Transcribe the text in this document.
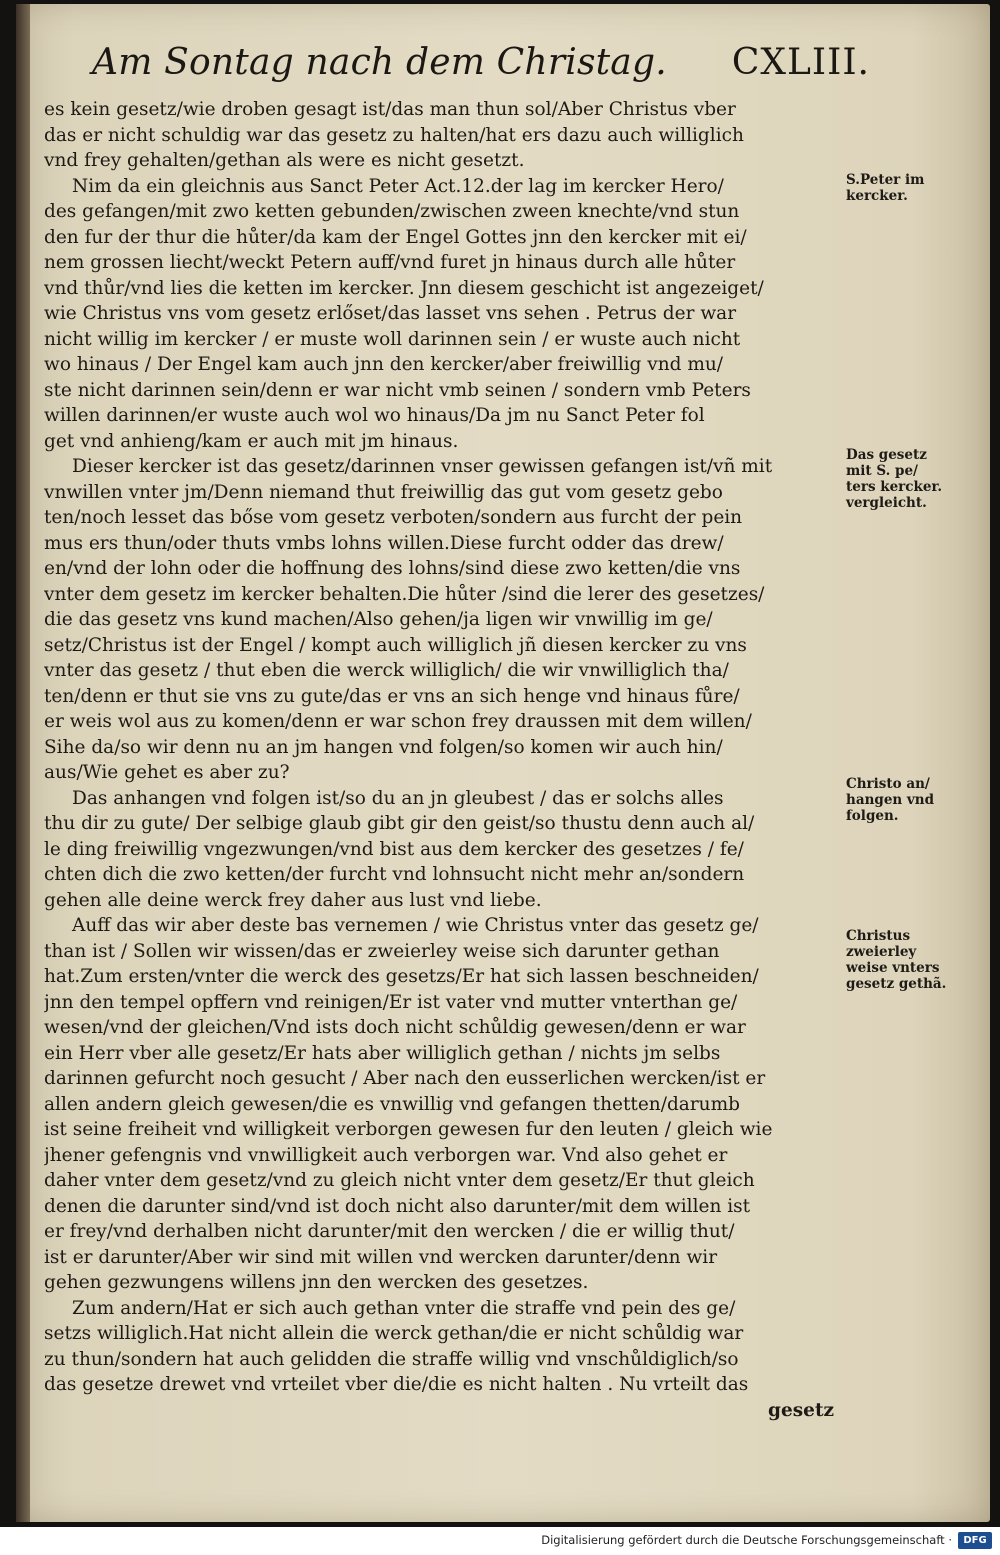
Am Sontag nach dem Christag. CXLIII.
es kein gesetz/wie droben gesagt ist/das man thun sol/Aber Christus vber
das er nicht schuldig war das gesetz zu halten/hat ers dazu auch williglich
vnd frey gehalten/gethan als were es nicht gesetzt.
Nim da ein gleichnis aus Sanct Peter Act.12.der lag im kercker Hero/
des gefangen/mit zwo ketten gebunden/zwischen zween knechte/vnd stun
den fur der thur die hůter/da kam der Engel Gottes jnn den kercker mit ei/
nem grossen liecht/weckt Petern auff/vnd furet jn hinaus durch alle hůter
vnd thůr/vnd lies die ketten im kercker. Jnn diesem geschicht ist angezeiget/
wie Christus vns vom gesetz erlőset/das lasset vns sehen . Petrus der war
nicht willig im kercker / er muste woll darinnen sein / er wuste auch nicht
wo hinaus / Der Engel kam auch jnn den kercker/aber freiwillig vnd mu/
ste nicht darinnen sein/denn er war nicht vmb seinen / sondern vmb Peters
willen darinnen/er wuste auch wol wo hinaus/Da jm nu Sanct Peter fol
get vnd anhieng/kam er auch mit jm hinaus.
Dieser kercker ist das gesetz/darinnen vnser gewissen gefangen ist/vñ mit
vnwillen vnter jm/Denn niemand thut freiwillig das gut vom gesetz gebo
ten/noch lesset das bőse vom gesetz verboten/sondern aus furcht der pein
mus ers thun/oder thuts vmbs lohns willen.Diese furcht odder das drew/
en/vnd der lohn oder die hoffnung des lohns/sind diese zwo ketten/die vns
vnter dem gesetz im kercker behalten.Die hůter /sind die lerer des gesetzes/
die das gesetz vns kund machen/Also gehen/ja ligen wir vnwillig im ge/
setz/Christus ist der Engel / kompt auch williglich jñ diesen kercker zu vns
vnter das gesetz / thut eben die werck williglich/ die wir vnwilliglich tha/
ten/denn er thut sie vns zu gute/das er vns an sich henge vnd hinaus fůre/
er weis wol aus zu komen/denn er war schon frey draussen mit dem willen/
Sihe da/so wir denn nu an jm hangen vnd folgen/so komen wir auch hin/
aus/Wie gehet es aber zu?
Das anhangen vnd folgen ist/so du an jn gleubest / das er solchs alles
thu dir zu gute/ Der selbige glaub gibt gir den geist/so thustu denn auch al/
le ding freiwillig vngezwungen/vnd bist aus dem kercker des gesetzes / fe/
chten dich die zwo ketten/der furcht vnd lohnsucht nicht mehr an/sondern
gehen alle deine werck frey daher aus lust vnd liebe.
Auff das wir aber deste bas vernemen / wie Christus vnter das gesetz ge/
than ist / Sollen wir wissen/das er zweierley weise sich darunter gethan
hat.Zum ersten/vnter die werck des gesetzs/Er hat sich lassen beschneiden/
jnn den tempel opffern vnd reinigen/Er ist vater vnd mutter vnterthan ge/
wesen/vnd der gleichen/Vnd ists doch nicht schůldig gewesen/denn er war
ein Herr vber alle gesetz/Er hats aber williglich gethan / nichts jm selbs
darinnen gefurcht noch gesucht / Aber nach den eusserlichen wercken/ist er
allen andern gleich gewesen/die es vnwillig vnd gefangen thetten/darumb
ist seine freiheit vnd willigkeit verborgen gewesen fur den leuten / gleich wie
jhener gefengnis vnd vnwilligkeit auch verborgen war. Vnd also gehet er
daher vnter dem gesetz/vnd zu gleich nicht vnter dem gesetz/Er thut gleich
denen die darunter sind/vnd ist doch nicht also darunter/mit dem willen ist
er frey/vnd derhalben nicht darunter/mit den wercken / die er willig thut/
ist er darunter/Aber wir sind mit willen vnd wercken darunter/denn wir
gehen gezwungens willens jnn den wercken des gesetzes.
Zum andern/Hat er sich auch gethan vnter die straffe vnd pein des ge/
setzs williglich.Hat nicht allein die werck gethan/die er nicht schůldig war
zu thun/sondern hat auch gelidden die straffe willig vnd vnschůldiglich/so
das gesetze drewet vnd vrteilet vber die/die es nicht halten . Nu vrteilt das
gesetz
S.Peter im
kercker.
Das gesetz
mit S. pe/
ters kercker.
vergleicht.
Christo an/
hangen vnd
folgen.
Christus
zweierley
weise vnters
gesetz gethã.
Digitalisierung gefördert durch die Deutsche Forschungsgemeinschaft ·	DFG
